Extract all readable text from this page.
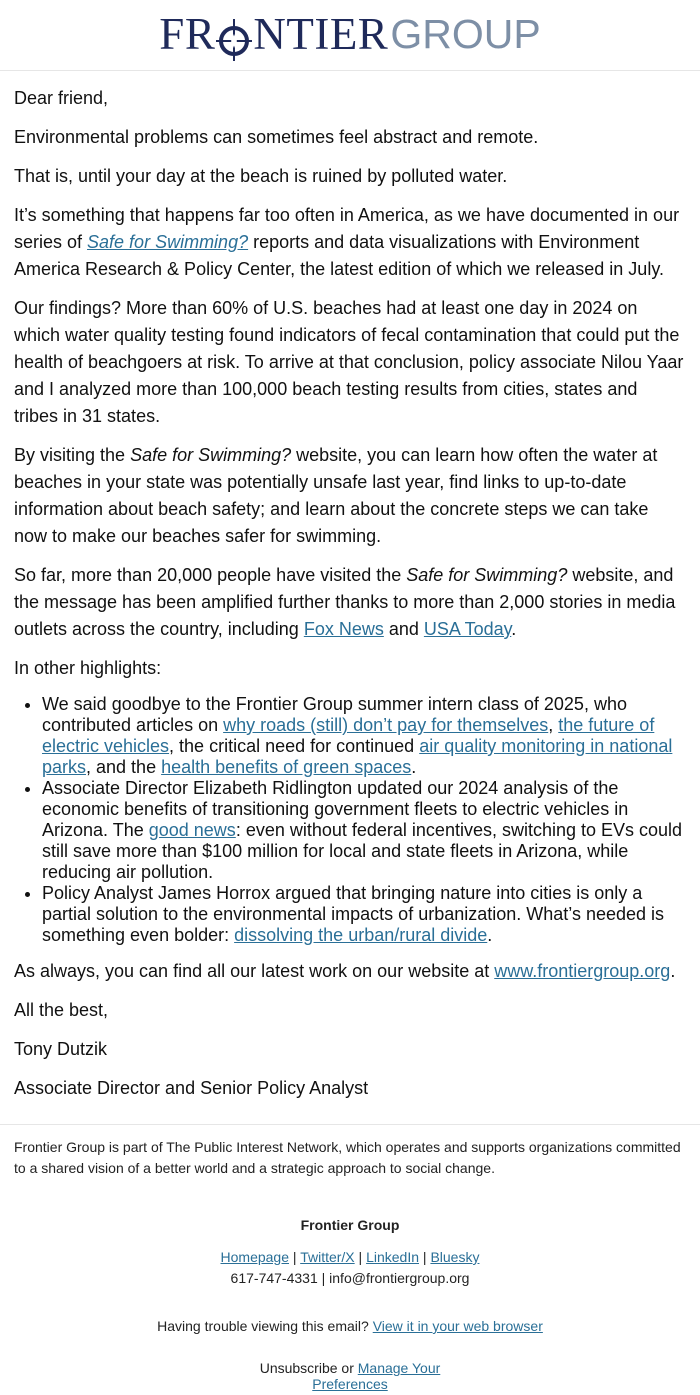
FR NTIERGROUP

Dear friend,

Environmental problems can sometimes feel abstract and remote.

That is, until your day at the beach is ruined by polluted water.

It’s something that happens far too often in America, as we have documented in our series of Safe for Swimming? reports and data visualizations with Environment America Research & Policy Center, the latest edition of which we released in July.

Our findings? More than 60% of U.S. beaches had at least one day in 2024 on which water quality testing found indicators of fecal contamination that could put the health of beachgoers at risk. To arrive at that conclusion, policy associate Nilou Yaar and I analyzed more than 100,000 beach testing results from cities, states and tribes in 31 states.

By visiting the Safe for Swimming? website, you can learn how often the water at beaches in your state was potentially unsafe last year, find links to up-to-date information about beach safety; and learn about the concrete steps we can take now to make our beaches safer for swimming.

So far, more than 20,000 people have visited the Safe for Swimming? website, and the message has been amplified further thanks to more than 2,000 stories in media outlets across the country, including Fox News and USA Today.

In other highlights:

• We said goodbye to the Frontier Group summer intern class of 2025, who contributed articles on why roads (still) don’t pay for themselves, the future of electric vehicles, the critical need for continued air quality monitoring in national parks, and the health benefits of green spaces.
• Associate Director Elizabeth Ridlington updated our 2024 analysis of the economic benefits of transitioning government fleets to electric vehicles in Arizona. The good news: even without federal incentives, switching to EVs could still save more than $100 million for local and state fleets in Arizona, while reducing air pollution.
• Policy Analyst James Horrox argued that bringing nature into cities is only a partial solution to the environmental impacts of urbanization. What’s needed is something even bolder: dissolving the urban/rural divide.

As always, you can find all our latest work on our website at www.frontiergroup.org.

All the best,

Tony Dutzik

Associate Director and Senior Policy Analyst

Frontier Group is part of The Public Interest Network, which operates and supports organizations committed to a shared vision of a better world and a strategic approach to social change.
Frontier Group
Homepage | Twitter/X | LinkedIn | Bluesky
617-747-4331 | info@frontiergroup.org
Having trouble viewing this email? View it in your web browser
Unsubscribe or Manage Your Preferences
